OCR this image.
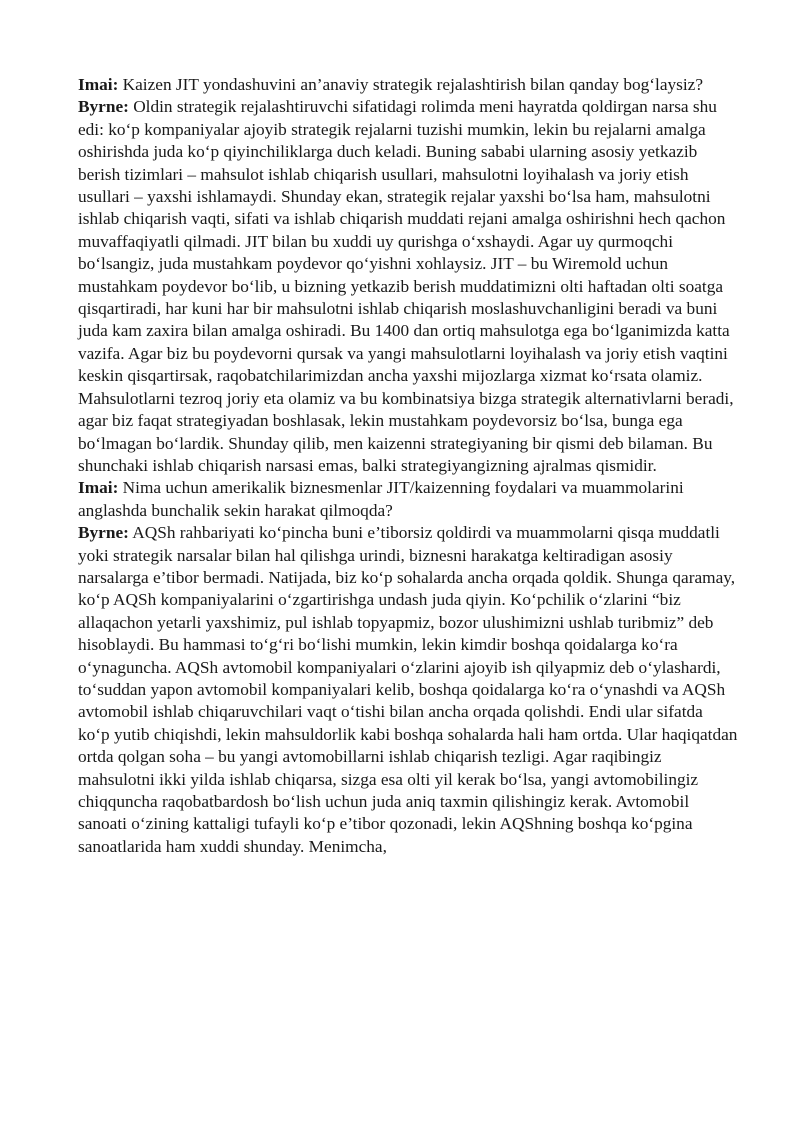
Imai: Kaizen JIT yondashuvini an’anaviy strategik rejalashtirish bilan qanday bog‘laysiz?

Byrne: Oldin strategik rejalashtiruvchi sifatidagi rolimda meni hayratda qoldirgan narsa shu edi: ko‘p kompaniyalar ajoyib strategik rejalarni tuzishi mumkin, lekin bu rejalarni amalga oshirishda juda ko‘p qiyinchiliklarga duch keladi. Buning sababi ularning asosiy yetkazib berish tizimlari – mahsulot ishlab chiqarish usullari, mahsulotni loyihalash va joriy etish usullari – yaxshi ishlamaydi. Shunday ekan, strategik rejalar yaxshi bo‘lsa ham, mahsulotni ishlab chiqarish vaqti, sifati va ishlab chiqarish muddati rejani amalga oshirishni hech qachon muvaffaqiyatli qilmadi. JIT bilan bu xuddi uy qurishga o‘xshaydi. Agar uy qurmoqchi bo‘lsangiz, juda mustahkam poydevor qo‘yishni xohlaysiz. JIT – bu Wiremold uchun mustahkam poydevor bo‘lib, u bizning yetkazib berish muddatimizni olti haftadan olti soatga qisqartiradi, har kuni har bir mahsulotni ishlab chiqarish moslashuvchanligini beradi va buni juda kam zaxira bilan amalga oshiradi. Bu 1400 dan ortiq mahsulotga ega bo‘lganimizda katta vazifa. Agar biz bu poydevorni qursak va yangi mahsulotlarni loyihalash va joriy etish vaqtini keskin qisqartirsak, raqobatchilarimizdan ancha yaxshi mijozlarga xizmat ko‘rsata olamiz. Mahsulotlarni tezroq joriy eta olamiz va bu kombinatsiya bizga strategik alternativlarni beradi, agar biz faqat strategiyadan boshlasak, lekin mustahkam poydevorsiz bo‘lsa, bunga ega bo‘lmagan bo‘lardik. Shunday qilib, men kaizenni strategiyaning bir qismi deb bilaman. Bu shunchaki ishlab chiqarish narsasi emas, balki strategiyangizning ajralmas qismidir.

Imai: Nima uchun amerikalik biznesmenlar JIT/kaizenning foydalari va muammolarini anglashda bunchalik sekin harakat qilmoqda?

Byrne: AQSh rahbariyati ko‘pincha buni e’tiborsiz qoldirdi va muammolarni qisqa muddatli yoki strategik narsalar bilan hal qilishga urindi, biznesni harakatga keltiradigan asosiy narsalarga e’tibor bermadi. Natijada, biz ko‘p sohalarda ancha orqada qoldik. Shunga qaramay, ko‘p AQSh kompaniyalarini o‘zgartirishga undash juda qiyin. Ko‘pchilik o‘zlarini “biz allaqachon yetarli yaxshimiz, pul ishlab topyapmiz, bozor ulushimizni ushlab turibmiz” deb hisoblaydi. Bu hammasi to‘g‘ri bo‘lishi mumkin, lekin kimdir boshqa qoidalarga ko‘ra o‘ynaguncha. AQSh avtomobil kompaniyalari o‘zlarini ajoyib ish qilyapmiz deb o‘ylashardi, to‘suddan yapon avtomobil kompaniyalari kelib, boshqa qoidalarga ko‘ra o‘ynashdi va AQSh avtomobil ishlab chiqaruvchilari vaqt o‘tishi bilan ancha orqada qolishdi. Endi ular sifatda ko‘p yutib chiqishdi, lekin mahsuldorlik kabi boshqa sohalarda hali ham ortda. Ular haqiqatdan ortda qolgan soha – bu yangi avtomobillarni ishlab chiqarish tezligi. Agar raqibingiz mahsulotni ikki yilda ishlab chiqarsa, sizga esa olti yil kerak bo‘lsa, yangi avtomobilingiz chiqquncha raqobatbardosh bo‘lish uchun juda aniq taxmin qilishingiz kerak. Avtomobil sanoati o‘zining kattaligi tufayli ko‘p e’tibor qozonadi, lekin AQShning boshqa ko‘pgina sanoatlarida ham xuddi shunday. Menimcha,
